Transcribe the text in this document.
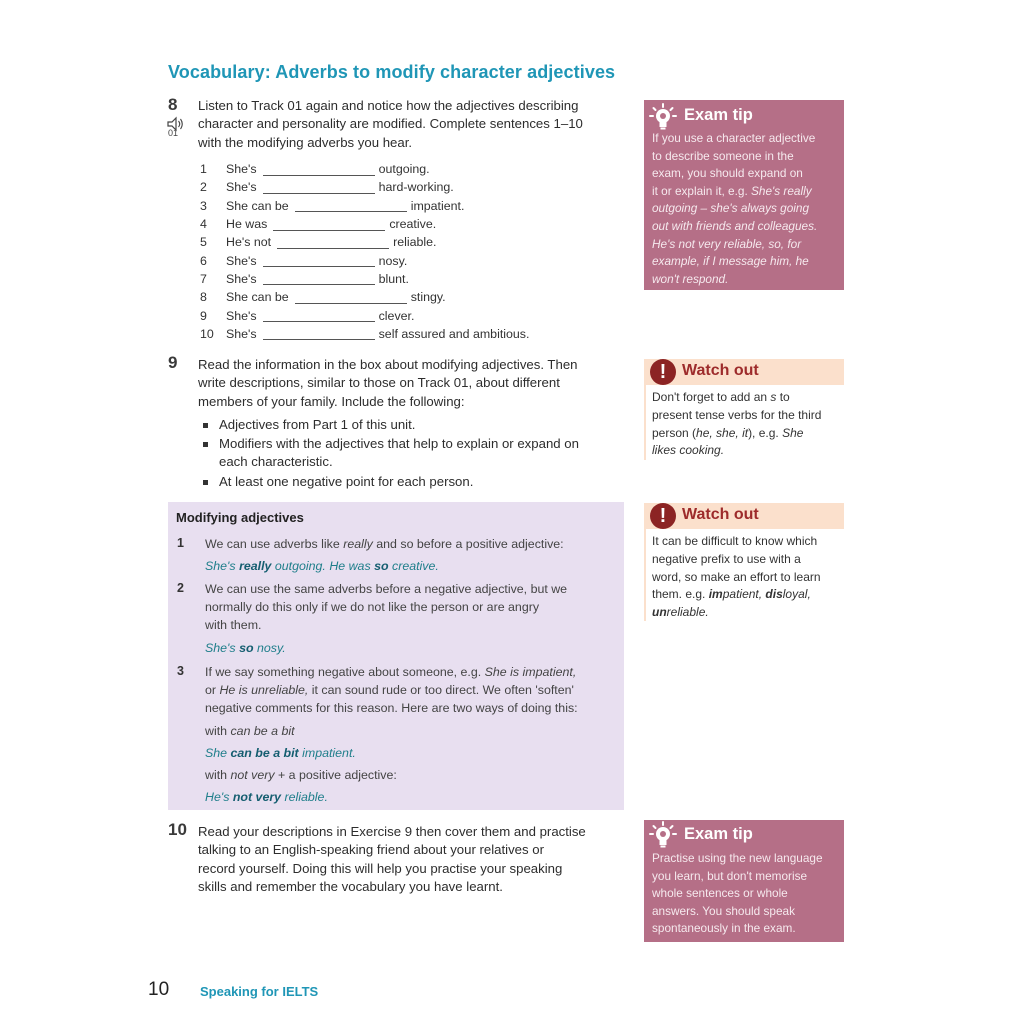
Vocabulary: Adverbs to modify character adjectives
8
01
Listen to Track 01 again and notice how the adjectives describing
character and personality are modified. Complete sentences 1–10
with the modifying adverbs you hear.
1	She's	outgoing.
2	She's	hard-working.
3	She can be	impatient.
4	He was	creative.
5	He's not	reliable.
6	She's	nosy.
7	She's	blunt.
8	She can be	stingy.
9	She's	clever.
10 She's	self assured and ambitious.
9 Read the information in the box about modifying adjectives. Then
write descriptions, similar to those on Track 01, about different
members of your family. Include the following:
Adjectives from Part 1 of this unit.
Modifiers with the adjectives that help to explain or expand on each characteristic.
At least one negative point for each person.
Modifying adjectives
1 We can use adverbs like really and so before a positive adjective:
She's really outgoing. He was so creative.
2 We can use the same adverbs before a negative adjective, but we
normally do this only if we do not like the person or are angry
with them.
She's so nosy.
3 If we say something negative about someone, e.g. She is impatient,
or He is unreliable, it can sound rude or too direct. We often 'soften'
negative comments for this reason. Here are two ways of doing this:
with can be a bit
She can be a bit impatient.
with not very + a positive adjective:
He's not very reliable.
10 Read your descriptions in Exercise 9 then cover them and practise
talking to an English-speaking friend about your relatives or
record yourself. Doing this will help you practise your speaking
skills and remember the vocabulary you have learnt.
Exam tip
If you use a character adjective
to describe someone in the
exam, you should expand on
it or explain it, e.g. She's really
outgoing – she's always going
out with friends and colleagues.
He's not very reliable, so, for
example, if I message him, he
won't respond.
! Watch out
Don't forget to add an s to
present tense verbs for the third
person (he, she, it), e.g. She
likes cooking.
! Watch out
It can be difficult to know which
negative prefix to use with a
word, so make an effort to learn
them. e.g. impatient, disloyal,
unreliable.
Exam tip
Practise using the new language
you learn, but don't memorise
whole sentences or whole
answers. You should speak
spontaneously in the exam.
10 Speaking for IELTS
